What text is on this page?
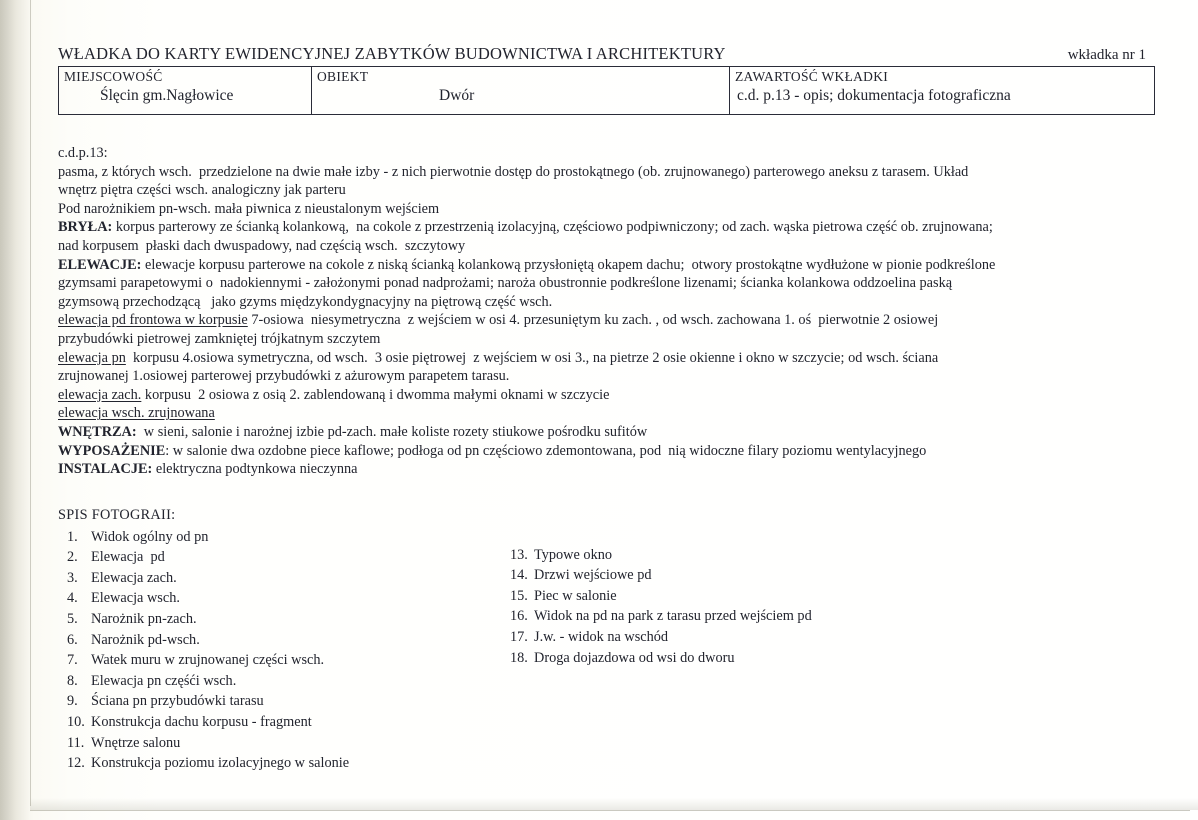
WŁADKA DO KARTY EWIDENCYJNEJ ZABYTKÓW BUDOWNICTWA I ARCHITEKTURY	wkładka nr 1
MIEJSCOWOŚĆ
Ślęcin gm.Nagłowice
OBIEKT
Dwór
ZAWARTOŚĆ WKŁADKI
c.d. p.13 - opis; dokumentacja fotograficzna
c.d.p.13:
pasma, z których wsch.  przedzielone na dwie małe izby - z nich pierwotnie dostęp do prostokątnego (ob. zrujnowanego) parterowego aneksu z tarasem. Układ
wnętrz piętra części wsch. analogiczny jak parteru
Pod narożnikiem pn-wsch. mała piwnica z nieustalonym wejściem
BRYŁA: korpus parterowy ze ścianką kolankową,  na cokole z przestrzenią izolacyjną, częściowo podpiwniczony; od zach. wąska pietrowa część ob. zrujnowana;
nad korpusem  płaski dach dwuspadowy, nad częścią wsch.  szczytowy
ELEWACJE: elewacje korpusu parterowe na cokole z niską ścianką kolankową przysłoniętą okapem dachu;  otwory prostokątne wydłużone w pionie podkreślone
gzymsami parapetowymi o  nadokiennymi - założonymi ponad nadprożami; naroża obustronnie podkreślone lizenami; ścianka kolankowa oddzoelina paską
gzymsową przechodzącą   jako gzyms międzykondygnacyjny na piętrową część wsch.
elewacja pd frontowa w korpusie 7-osiowa  niesymetryczna  z wejściem w osi 4. przesuniętym ku zach. , od wsch. zachowana 1. oś  pierwotnie 2 osiowej
przybudówki pietrowej zamkniętej trójkatnym szczytem
elewacja pn  korpusu 4.osiowa symetryczna, od wsch.  3 osie piętrowej  z wejściem w osi 3., na pietrze 2 osie okienne i okno w szczycie; od wsch. ściana
zrujnowanej 1.osiowej parterowej przybudówki z ażurowym parapetem tarasu.
elewacja zach. korpusu  2 osiowa z osią 2. zablendowaną i dwomma małymi oknami w szczycie
elewacja wsch. zrujnowana
WNĘTRZA:  w sieni, salonie i narożnej izbie pd-zach. małe koliste rozety stiukowe pośrodku sufitów
WYPOSAŻENIE: w salonie dwa ozdobne piece kaflowe; podłoga od pn częściowo zdemontowana, pod  nią widoczne filary poziomu wentylacyjnego
INSTALACJE: elektryczna podtynkowa nieczynna
SPIS FOTOGRAII:
1. Widok ogólny od pn
2. Elewacja  pd
3. Elewacja zach.
4. Elewacja wsch.
5. Narożnik pn-zach.
6. Narożnik pd-wsch.
7. Watek muru w zrujnowanej części wsch.
8. Elewacja pn częśći wsch.
9. Ściana pn przybudówki tarasu
10. Konstrukcja dachu korpusu - fragment
11. Wnętrze salonu
12. Konstrukcja poziomu izolacyjnego w salonie
13. Typowe okno
14. Drzwi wejściowe pd
15. Piec w salonie
16. Widok na pd na park z tarasu przed wejściem pd
17. J.w. - widok na wschód
18. Droga dojazdowa od wsi do dworu
